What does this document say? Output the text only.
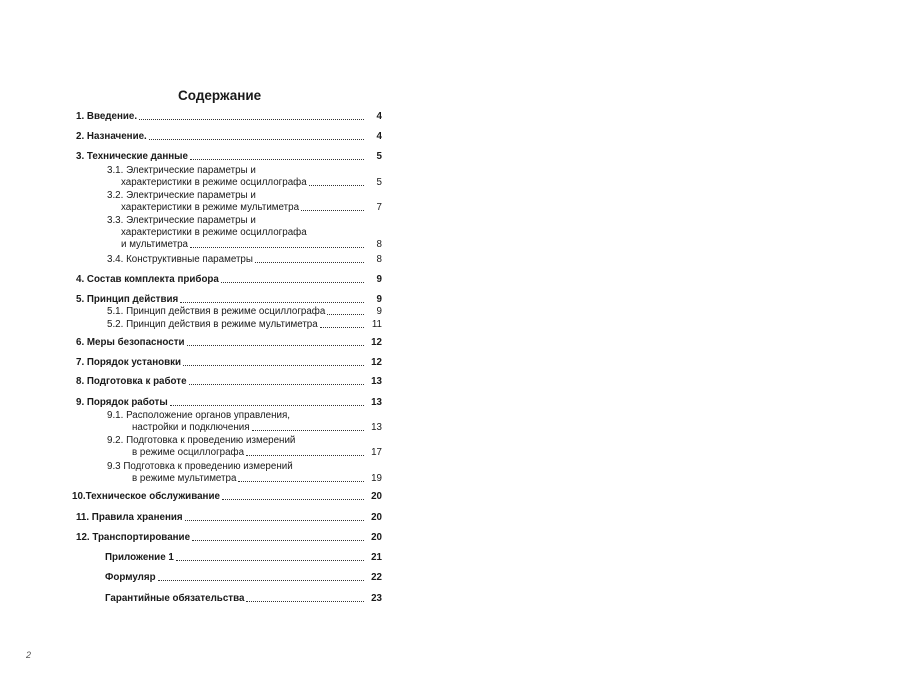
Содержание
1. Введение.	4
2. Назначение.	4
3. Технические данные	5
3.1. Электрические параметры и
характеристики в режиме осциллографа	5
3.2. Электрические параметры и
характеристики в режиме мультиметра	7
3.3. Электрические параметры и
характеристики в режиме осциллографа
и мультиметра	8
3.4. Конструктивные параметры	8
4. Состав комплекта прибора	9
5. Принцип действия	9
5.1. Принцип действия в режиме осциллографа	9
5.2. Принцип действия в режиме мультиметра	11
6. Меры безопасности	12
7. Порядок установки	12
8. Подготовка к работе	13
9. Порядок работы	13
9.1. Расположение органов управления,
настройки и подключения	13
9.2. Подготовка к проведению измерений
в режиме осциллографа	17
9.3 Подготовка к проведению измерений
в режиме мультиметра	19
10.Техническое обслуживание	20
11. Правила хранения	20
12. Транспортирование	20
Приложение 1	21
Формуляр	22
Гарантийные обязательства	23
2
